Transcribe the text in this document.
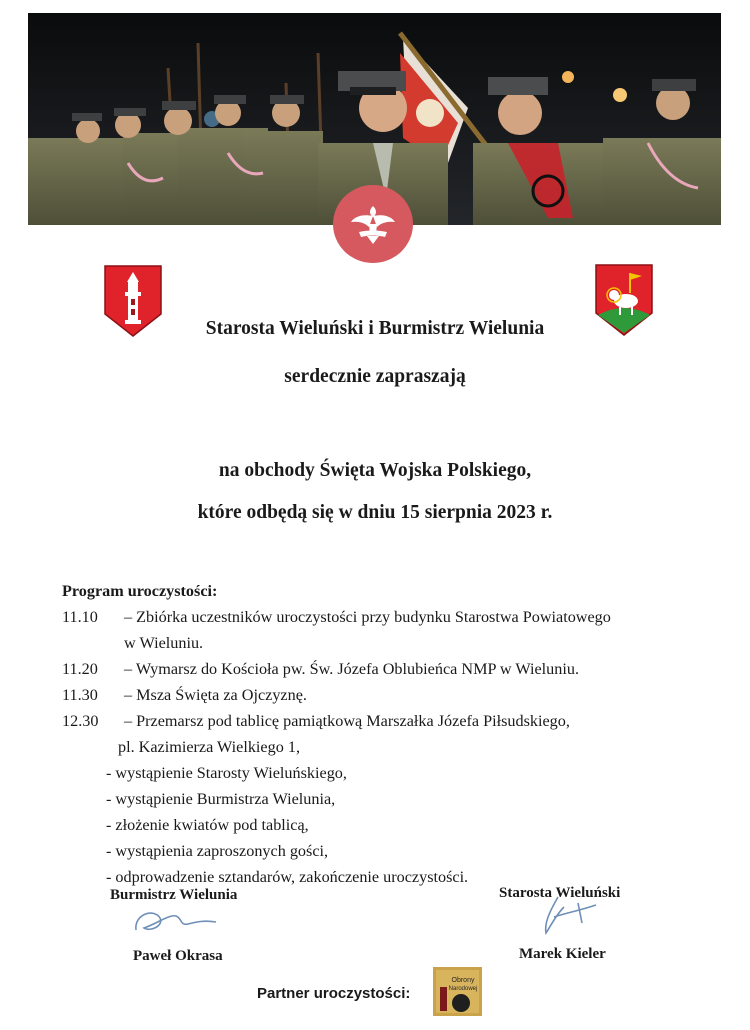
Starosta Wieluński i Burmistrz Wielunia
serdecznie zapraszają
na obchody Święta Wojska Polskiego,
które odbędą się w dniu 15 sierpnia 2023 r.
Program uroczystości:
11.10 – Zbiórka uczestników uroczystości przy budynku Starostwa Powiatowego
w Wieluniu.
11.20 – Wymarsz do Kościoła pw. Św. Józefa Oblubieńca NMP w Wieluniu.
11.30 – Msza Święta za Ojczyznę.
12.30 – Przemarsz pod tablicę pamiątkową Marszałka Józefa Piłsudskiego,
pl. Kazimierza Wielkiego 1,
- wystąpienie Starosty Wieluńskiego,
- wystąpienie Burmistrza Wielunia,
- złożenie kwiatów pod tablicą,
- wystąpienia zaproszonych gości,
- odprowadzenie sztandarów, zakończenie uroczystości.
Burmistrz Wielunia
Paweł Okrasa
Starosta Wieluński
Marek Kieler
Partner uroczystości:
Obrony
Narodowej
